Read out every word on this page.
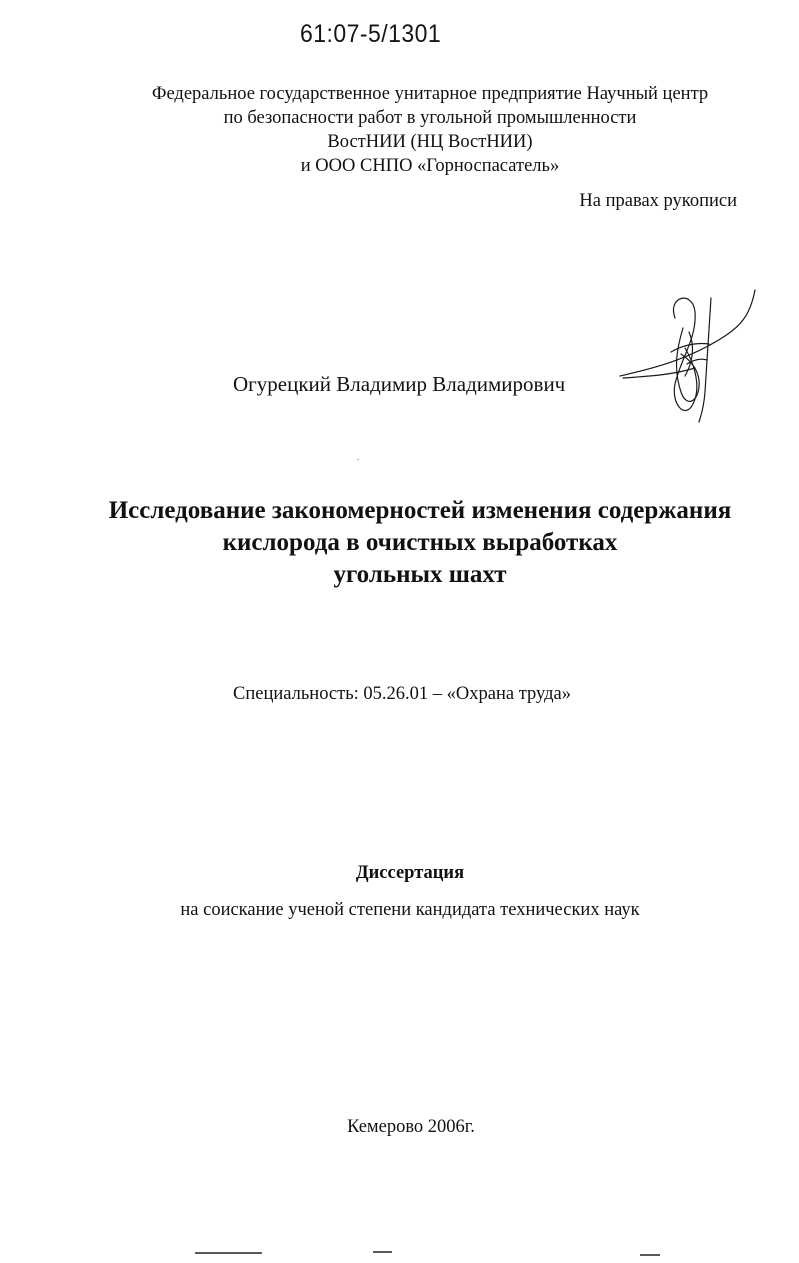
61:07-5/1301
Федеральное государственное унитарное предприятие Научный центр
по безопасности работ в угольной промышленности
ВостНИИ (НЦ ВостНИИ)
и ООО СНПО «Горноспасатель»
На правах рукописи
Огурецкий Владимир Владимирович
Исследование закономерностей изменения содержания
кислорода в очистных выработках
угольных шахт
Специальность: 05.26.01 – «Охрана труда»
Диссертация
на соискание ученой степени кандидата технических наук
Кемерово 2006г.
